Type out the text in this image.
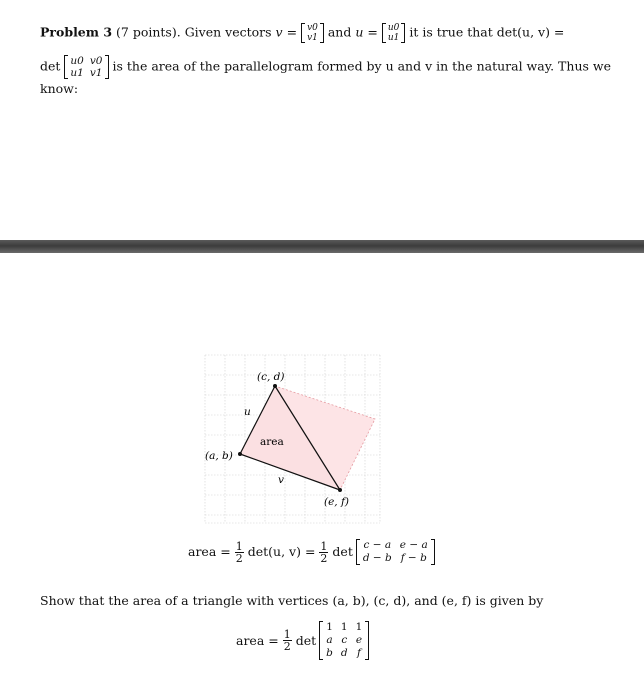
Problem 3 (7 points). Given vectors v = v0
v1 and u = u0
u1 it is true that det(u, v) =
det u0	v0
u1	v1 is the area of the parallelogram formed by u and v in the natural way. Thus we
know:
(c, d)
(a, b)
(e, f)
u
v
area
area = $\frac{1}{2} \det(u$, $v) = \frac{1}{2}$ det c − a	e − a
d − b	f − b
Show that the area of a triangle with vertices (a, b), (c, d), and (e, f) is given by
area = $\frac{1}{2}$ det
1	1	1
a	c	e
b	d	f
